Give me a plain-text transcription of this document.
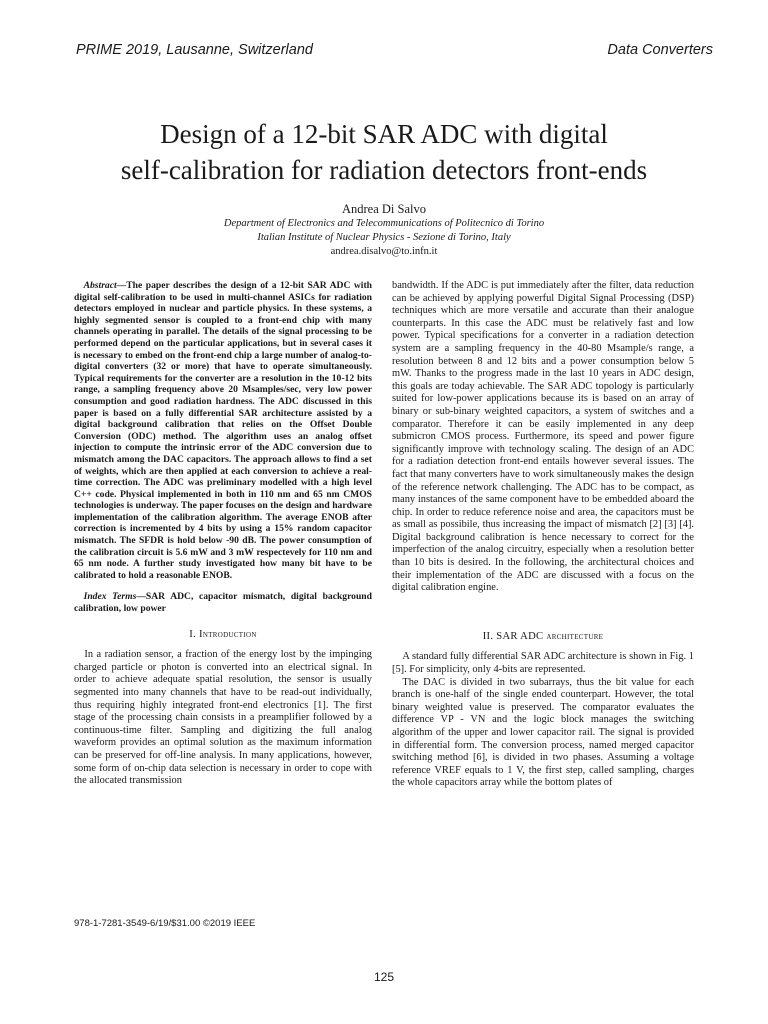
PRIME 2019, Lausanne, Switzerland	Data Converters
Design of a 12-bit SAR ADC with digital
self-calibration for radiation detectors front-ends
Andrea Di Salvo
Department of Electronics and Telecommunications of Politecnico di Torino
Italian Institute of Nuclear Physics - Sezione di Torino, Italy
andrea.disalvo@to.infn.it

Abstract—The paper describes the design of a 12-bit SAR ADC with digital self-calibration to be used in multi-channel ASICs for radiation detectors employed in nuclear and particle physics. In these systems, a highly segmented sensor is coupled to a front-end chip with many channels operating in parallel. The details of the signal processing to be performed depend on the particular applications, but in several cases it is necessary to embed on the front-end chip a large number of analog-to-digital converters (32 or more) that have to operate simultaneously. Typical requirements for the converter are a resolution in the 10-12 bits range, a sampling frequency above 20 Msamples/sec, very low power consumption and good radiation hardness. The ADC discussed in this paper is based on a fully differential SAR architecture assisted by a digital background calibration that relies on the Offset Double Conversion (ODC) method. The algorithm uses an analog offset injection to compute the intrinsic error of the ADC conversion due to mismatch among the DAC capacitors. The approach allows to find a set of weights, which are then applied at each conversion to achieve a real-time correction. The ADC was preliminary modelled with a high level C++ code. Physical implemented in both in 110 nm and 65 nm CMOS technologies is underway. The paper focuses on the design and hardware implementation of the calibration algorithm. The average ENOB after correction is incremented by 4 bits by using a 15% random capacitor mismatch. The SFDR is hold below -90 dB. The power consumption of the calibration circuit is 5.6 mW and 3 mW respectevely for 110 nm and 65 nm node. A further study investigated how many bit have to be calibrated to hold a reasonable ENOB.

Index Terms—SAR ADC, capacitor mismatch, digital background calibration, low power

I. Introduction

In a radiation sensor, a fraction of the energy lost by the impinging charged particle or photon is converted into an electrical signal. In order to achieve adequate spatial resolution, the sensor is usually segmented into many channels that have to be read-out individually, thus requiring highly integrated front-end electronics [1]. The first stage of the processing chain consists in a preamplifier followed by a continuous-time filter. Sampling and digitizing the full analog waveform provides an optimal solution as the maximum information can be preserved for off-line analysis. In many applications, however, some form of on-chip data selection is necessary in order to cope with the allocated transmission

bandwidth. If the ADC is put immediately after the filter, data reduction can be achieved by applying powerful Digital Signal Processing (DSP) techniques which are more versatile and accurate than their analogue counterparts. In this case the ADC must be relatively fast and low power. Typical specifications for a converter in a radiation detection system are a sampling frequency in the 40-80 Msample/s range, a resolution between 8 and 12 bits and a power consumption below 5 mW. Thanks to the progress made in the last 10 years in ADC design, this goals are today achievable. The SAR ADC topology is particularly suited for low-power applications because its is based on an array of binary or sub-binary weighted capacitors, a system of switches and a comparator. Therefore it can be easily implemented in any deep submicron CMOS process. Furthermore, its speed and power figure significantly improve with technology scaling. The design of an ADC for a radiation detection front-end entails however several issues. The fact that many converters have to work simultaneously makes the design of the reference network challenging. The ADC has to be compact, as many instances of the same component have to be embedded aboard the chip. In order to reduce reference noise and area, the capacitors must be as small as possibile, thus increasing the impact of mismatch [2] [3] [4]. Digital background calibration is hence necessary to correct for the imperfection of the analog circuitry, especially when a resolution better than 10 bits is desired. In the following, the architectural choices and their implementation of the ADC are discussed with a focus on the digital calibration engine.

II. SAR ADC architecture

A standard fully differential SAR ADC architecture is shown in Fig. 1 [5]. For simplicity, only 4-bits are represented.

The DAC is divided in two subarrays, thus the bit value for each branch is one-half of the single ended counterpart. However, the total binary weighted value is preserved. The comparator evaluates the difference VP - VN and the logic block manages the switching algorithm of the upper and lower capacitor rail. The signal is provided in differential form. The conversion process, named merged capacitor switching method [6], is divided in two phases. Assuming a voltage reference VREF equals to 1 V, the first step, called sampling, charges the whole capacitors array while the bottom plates of

978-1-7281-3549-6/19/$31.00 ©2019 IEEE
125
